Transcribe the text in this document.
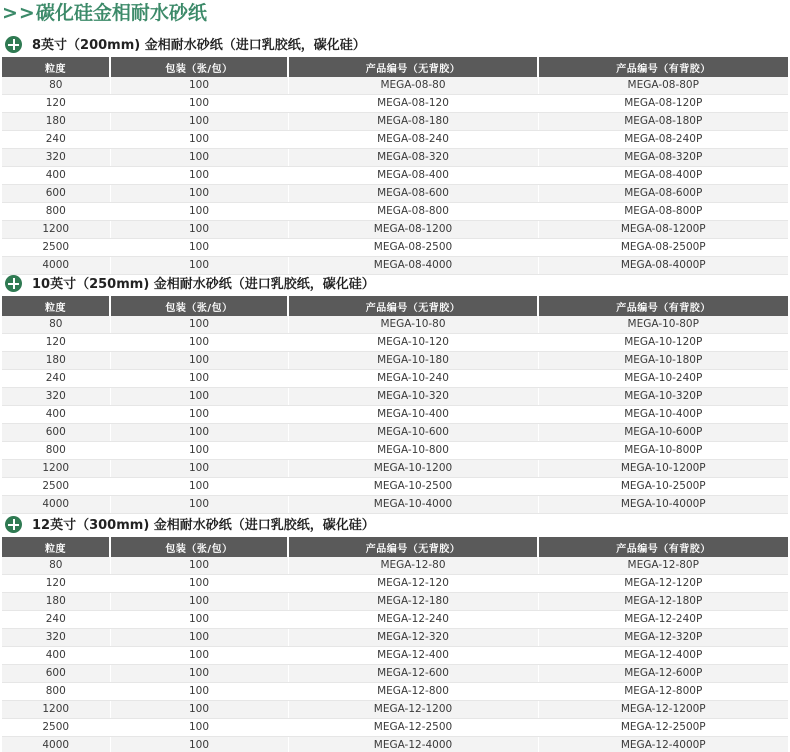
>>碳化硅金相耐水砂纸
8英寸（200mm) 金相耐水砂纸（进口乳胶纸，碳化硅）
粒度	包装（张/包）	产品编号（无背胶）	产品编号（有背胶）
80	100	MEGA-08-80	MEGA-08-80P
120	100	MEGA-08-120	MEGA-08-120P
180	100	MEGA-08-180	MEGA-08-180P
240	100	MEGA-08-240	MEGA-08-240P
320	100	MEGA-08-320	MEGA-08-320P
400	100	MEGA-08-400	MEGA-08-400P
600	100	MEGA-08-600	MEGA-08-600P
800	100	MEGA-08-800	MEGA-08-800P
1200	100	MEGA-08-1200	MEGA-08-1200P
2500	100	MEGA-08-2500	MEGA-08-2500P
4000	100	MEGA-08-4000	MEGA-08-4000P
10英寸（250mm) 金相耐水砂纸（进口乳胶纸，碳化硅）
粒度	包装（张/包）	产品编号（无背胶）	产品编号（有背胶）
80	100	MEGA-10-80	MEGA-10-80P
120	100	MEGA-10-120	MEGA-10-120P
180	100	MEGA-10-180	MEGA-10-180P
240	100	MEGA-10-240	MEGA-10-240P
320	100	MEGA-10-320	MEGA-10-320P
400	100	MEGA-10-400	MEGA-10-400P
600	100	MEGA-10-600	MEGA-10-600P
800	100	MEGA-10-800	MEGA-10-800P
1200	100	MEGA-10-1200	MEGA-10-1200P
2500	100	MEGA-10-2500	MEGA-10-2500P
4000	100	MEGA-10-4000	MEGA-10-4000P
12英寸（300mm) 金相耐水砂纸（进口乳胶纸，碳化硅）
粒度	包装（张/包）	产品编号（无背胶）	产品编号（有背胶）
80	100	MEGA-12-80	MEGA-12-80P
120	100	MEGA-12-120	MEGA-12-120P
180	100	MEGA-12-180	MEGA-12-180P
240	100	MEGA-12-240	MEGA-12-240P
320	100	MEGA-12-320	MEGA-12-320P
400	100	MEGA-12-400	MEGA-12-400P
600	100	MEGA-12-600	MEGA-12-600P
800	100	MEGA-12-800	MEGA-12-800P
1200	100	MEGA-12-1200	MEGA-12-1200P
2500	100	MEGA-12-2500	MEGA-12-2500P
4000	100	MEGA-12-4000	MEGA-12-4000P
